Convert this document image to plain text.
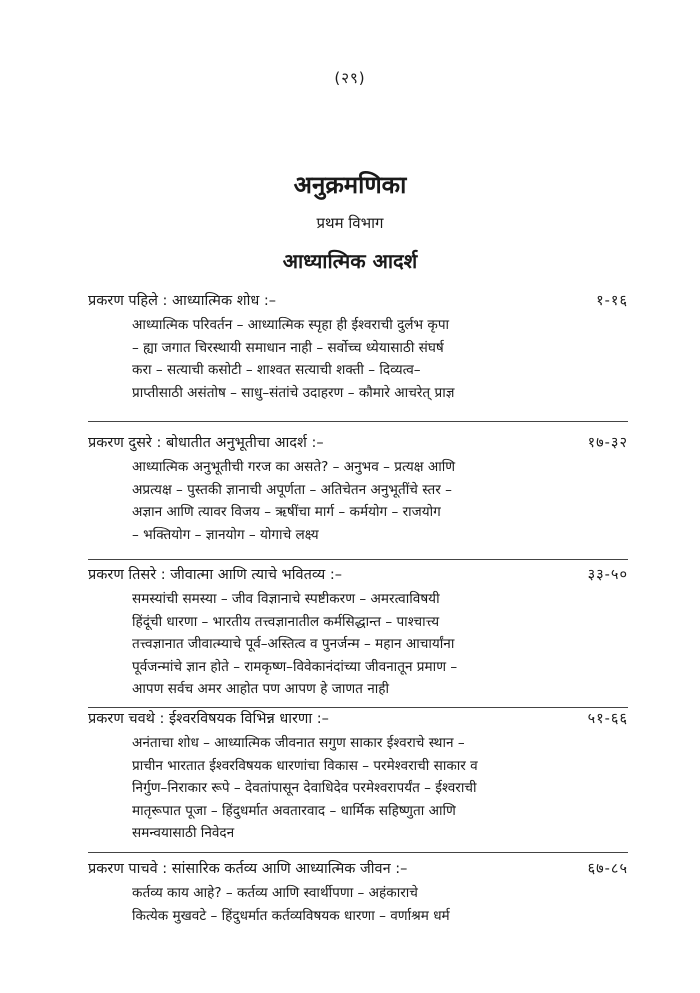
(२९)
अनुक्रमणिका
प्रथम विभाग
आध्यात्मिक आदर्श
प्रकरण पहिले : आध्यात्मिक शोध :–	१-१६
आध्यात्मिक परिवर्तन – आध्यात्मिक स्पृहा ही ईश्वराची दुर्लभ कृपा
– ह्या जगात चिरस्थायी समाधान नाही – सर्वोच्च ध्येयासाठी संघर्ष
करा – सत्याची कसोटी – शाश्वत सत्याची शक्ती – दिव्यत्व–
प्राप्तीसाठी असंतोष – साधु–संतांचे उदाहरण – कौमारे आचरेत् प्राज्ञ
प्रकरण दुसरे : बोधातीत अनुभूतीचा आदर्श :–	१७-३२
आध्यात्मिक अनुभूतीची गरज का असते? – अनुभव – प्रत्यक्ष आणि
अप्रत्यक्ष – पुस्तकी ज्ञानाची अपूर्णता – अतिचेतन अनुभूतींचे स्तर –
अज्ञान आणि त्यावर विजय – ऋषींचा मार्ग – कर्मयोग – राजयोग
– भक्तियोग – ज्ञानयोग – योगाचे लक्ष्य
प्रकरण तिसरे : जीवात्मा आणि त्याचे भवितव्य :–	३३-५०
समस्यांची समस्या – जीव विज्ञानाचे स्पष्टीकरण – अमरत्वाविषयी
हिंदूंची धारणा – भारतीय तत्त्वज्ञानातील कर्मसिद्धान्त – पाश्चात्त्य
तत्त्वज्ञानात जीवात्म्याचे पूर्व–अस्तित्व व पुनर्जन्म – महान आचार्यांना
पूर्वजन्मांचे ज्ञान होते – रामकृष्ण–विवेकानंदांच्या जीवनातून प्रमाण –
आपण सर्वच अमर आहोत पण आपण हे जाणत नाही
प्रकरण चवथे : ईश्वरविषयक विभिन्न धारणा :–	५१-६६
अनंताचा शोध – आध्यात्मिक जीवनात सगुण साकार ईश्वराचे स्थान –
प्राचीन भारतात ईश्वरविषयक धारणांचा विकास – परमेश्वराची साकार व
निर्गुण–निराकार रूपे – देवतांपासून देवाधिदेव परमेश्वरापर्यंत – ईश्वराची
मातृरूपात पूजा – हिंदुधर्मात अवतारवाद – धार्मिक सहिष्णुता आणि
समन्वयासाठी निवेदन
प्रकरण पाचवे : सांसारिक कर्तव्य आणि आध्यात्मिक जीवन :–	६७-८५
कर्तव्य काय आहे? – कर्तव्य आणि स्वार्थीपणा – अहंकाराचे
कित्येक मुखवटे – हिंदुधर्मात कर्तव्यविषयक धारणा – वर्णाश्रम धर्म
